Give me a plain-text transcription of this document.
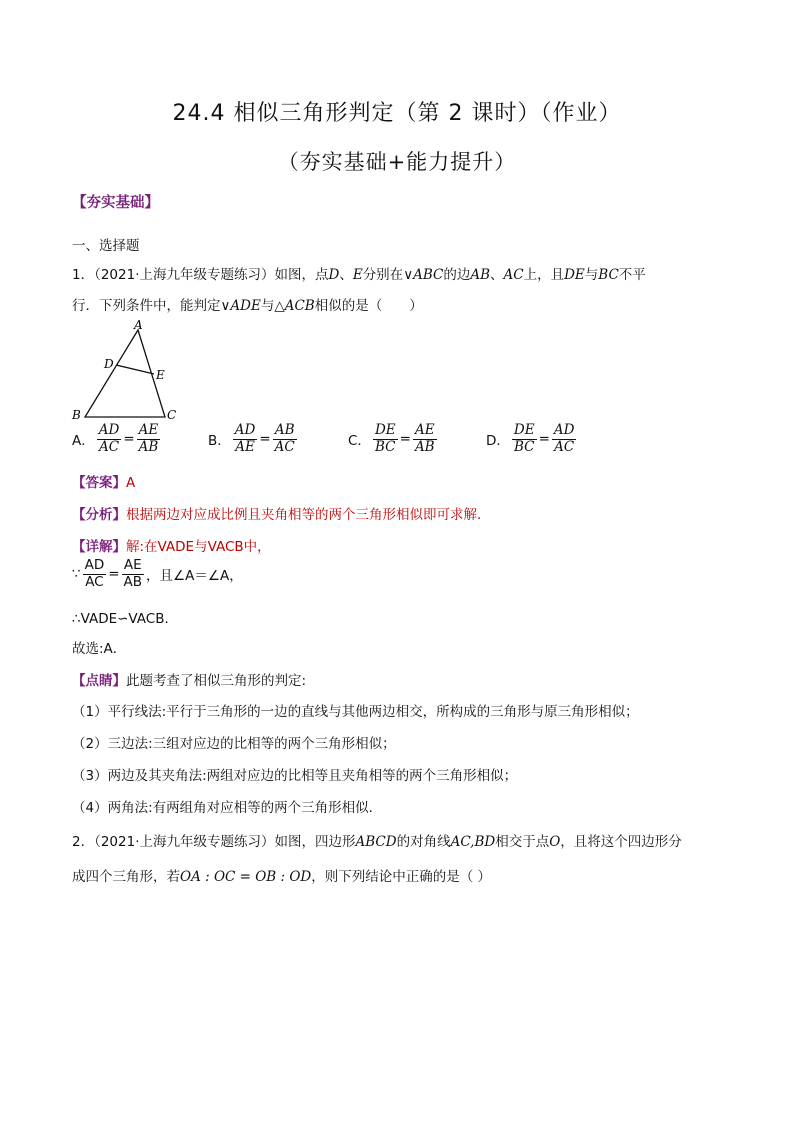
24.4 相似三角形判定（第 2 课时）（作业）
（夯实基础+能力提升）
【夯实基础】
一、选择题
1．（2021·上海九年级专题练习）如图，点D、E分别在∨ABC的边AB、AC上，且DE与BC不平
行．下列条件中，能判定∨ADE与△ACB相似的是（　　）
A
D
E
B	C
A． $\frac{AD}{AC} = \frac{AE}{AB}$	B． $\frac{AD}{AE} = \frac{AB}{AC}$	C． $\frac{DE}{BC} = \frac{AE}{AB}$	D． $\frac{DE}{BC} = \frac{AD}{AC}$
【答案】A
【分析】根据两边对应成比例且夹角相等的两个三角形相似即可求解．
【详解】解:在VADE与VACB中，
∵ $\frac{AD}{AC} = \frac{AE}{AB}$ ，且∠A＝∠A，
∴VADE∽VACB．
故选:A．
【点睛】此题考查了相似三角形的判定:
（1）平行线法:平行于三角形的一边的直线与其他两边相交，所构成的三角形与原三角形相似；
（2）三边法:三组对应边的比相等的两个三角形相似；
（3）两边及其夹角法:两组对应边的比相等且夹角相等的两个三角形相似；
（4）两角法:有两组角对应相等的两个三角形相似．
2．（2021·上海九年级专题练习）如图，四边形ABCD的对角线AC,BD相交于点O，且将这个四边形分
成四个三角形，若OA : OC = OB : OD，则下列结论中正确的是（ ）
